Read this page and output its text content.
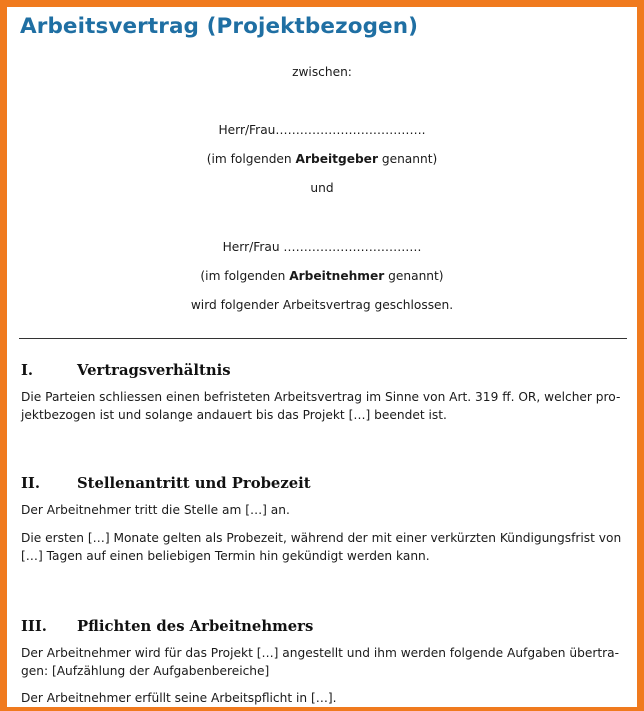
Arbeitsvertrag (Projektbezogen)
zwischen:
Herr/Frau……………………………….
(im folgenden Arbeitgeber genannt)
und
Herr/Frau …………………………….
(im folgenden Arbeitnehmer genannt)
wird folgender Arbeitsvertrag geschlossen.
I.	Vertragsverhältnis
Die Parteien schliessen einen befristeten Arbeitsvertrag im Sinne von Art. 319 ff. OR, welcher pro-
jektbezogen ist und solange andauert bis das Projekt […] beendet ist.
II.	Stellenantritt und Probezeit
Der Arbeitnehmer tritt die Stelle am […] an.
Die ersten […] Monate gelten als Probezeit, während der mit einer verkürzten Kündigungsfrist von
[…] Tagen auf einen beliebigen Termin hin gekündigt werden kann.
III. Pflichten des Arbeitnehmers
Der Arbeitnehmer wird für das Projekt […] angestellt und ihm werden folgende Aufgaben übertra-
gen: [Aufzählung der Aufgabenbereiche]
Der Arbeitnehmer erfüllt seine Arbeitspflicht in […].
